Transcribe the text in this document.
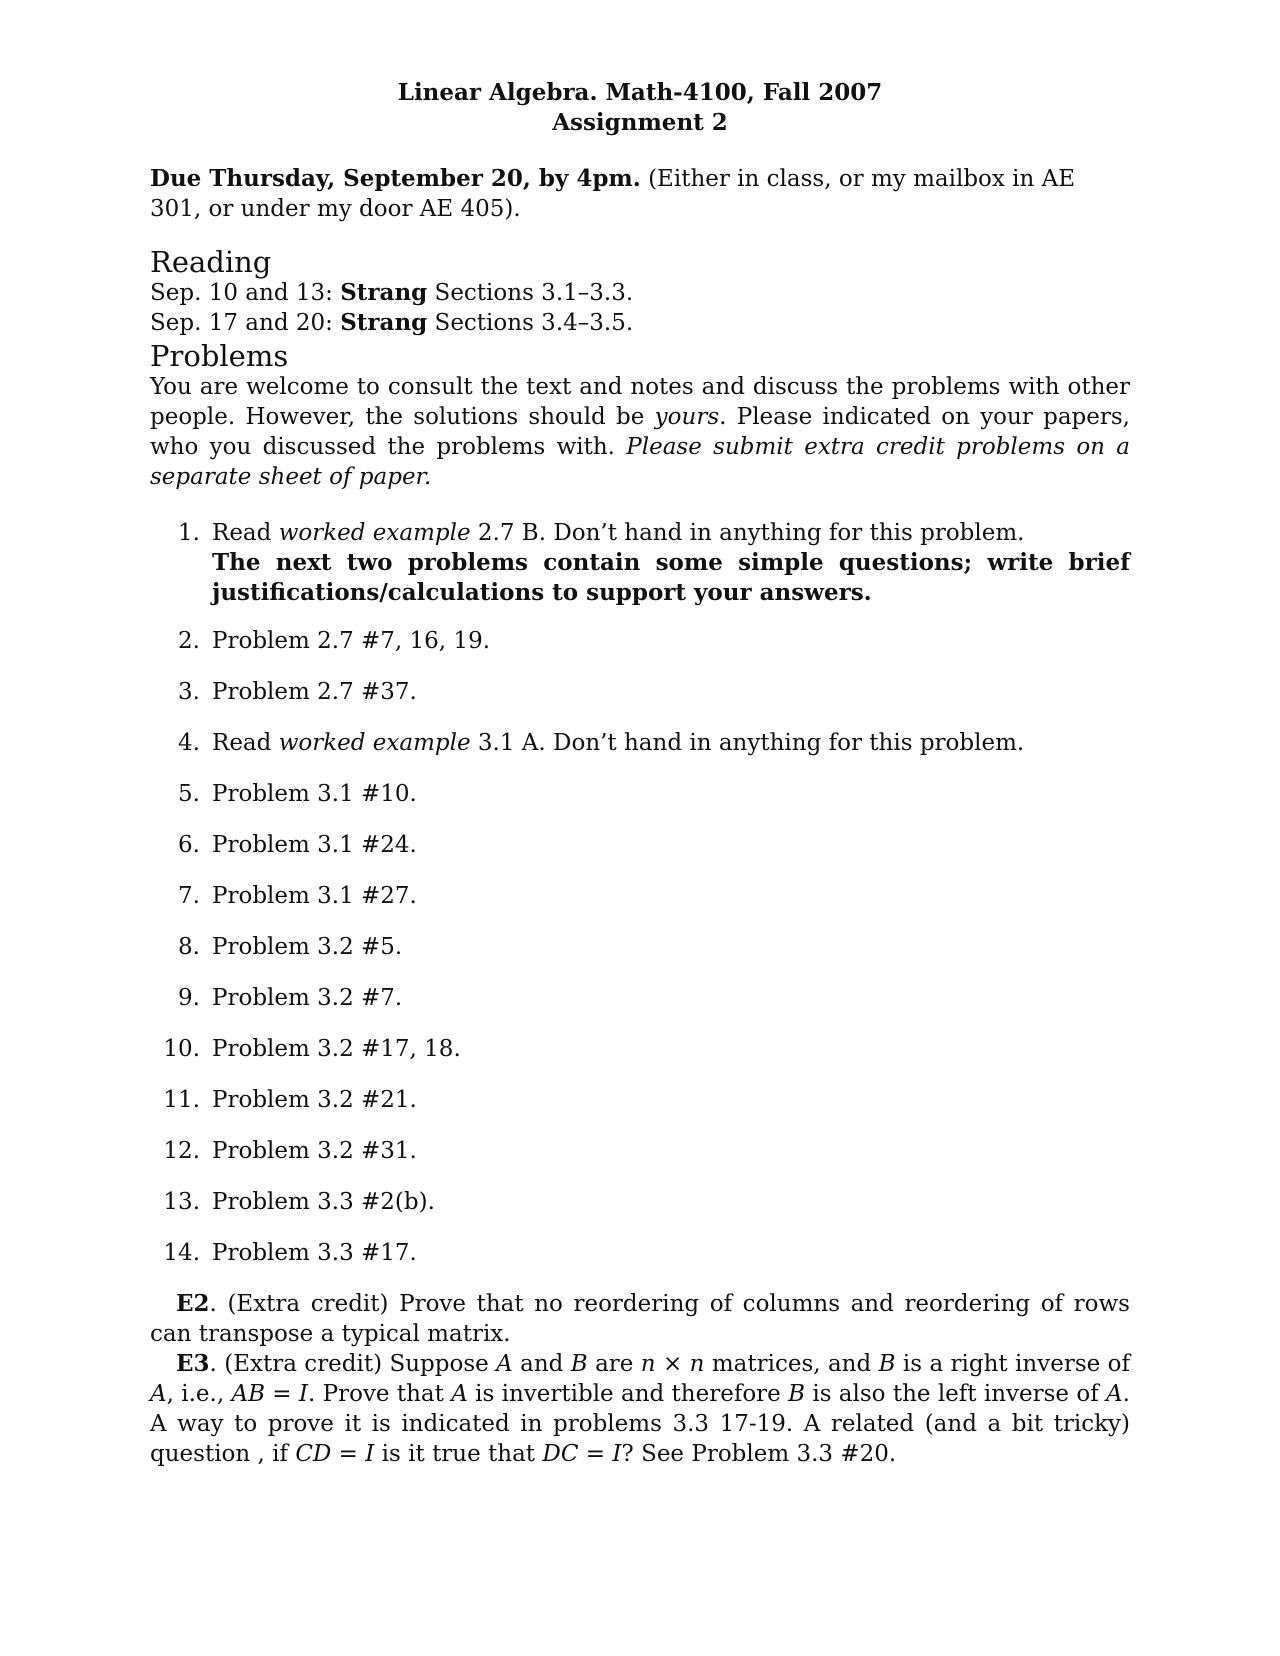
Linear Algebra. Math-4100, Fall 2007
Assignment 2

Due Thursday, September 20, by 4pm. (Either in class, or my mailbox in AE 301, or under my door AE 405).

Reading

Sep. 10 and 13: Strang Sections 3.1–3.3.

Sep. 17 and 20: Strang Sections 3.4–3.5.

Problems

You are welcome to consult the text and notes and discuss the problems with other people. However, the solutions should be yours. Please indicated on your papers, who you discussed the problems with. Please submit extra credit problems on a separate sheet of paper.

1. Read worked example 2.7 B. Don’t hand in anything for this problem.
The next two problems contain some simple questions; write brief justifications/calculations to support your answers.
2. Problem 2.7 #7, 16, 19.
3. Problem 2.7 #37.
4. Read worked example 3.1 A. Don’t hand in anything for this problem.
5. Problem 3.1 #10.
6. Problem 3.1 #24.
7. Problem 3.1 #27.
8. Problem 3.2 #5.
9. Problem 3.2 #7.
10. Problem 3.2 #17, 18.
11. Problem 3.2 #21.
12. Problem 3.2 #31.
13. Problem 3.3 #2(b).
14. Problem 3.3 #17.

E2. (Extra credit) Prove that no reordering of columns and reordering of rows can transpose a typical matrix.

E3. (Extra credit) Suppose A and B are n × n matrices, and B is a right inverse of A, i.e., AB = I. Prove that A is invertible and therefore B is also the left inverse of A. A way to prove it is indicated in problems 3.3 17-19. A related (and a bit tricky) question , if CD = I is it true that DC = I? See Problem 3.3 #20.
